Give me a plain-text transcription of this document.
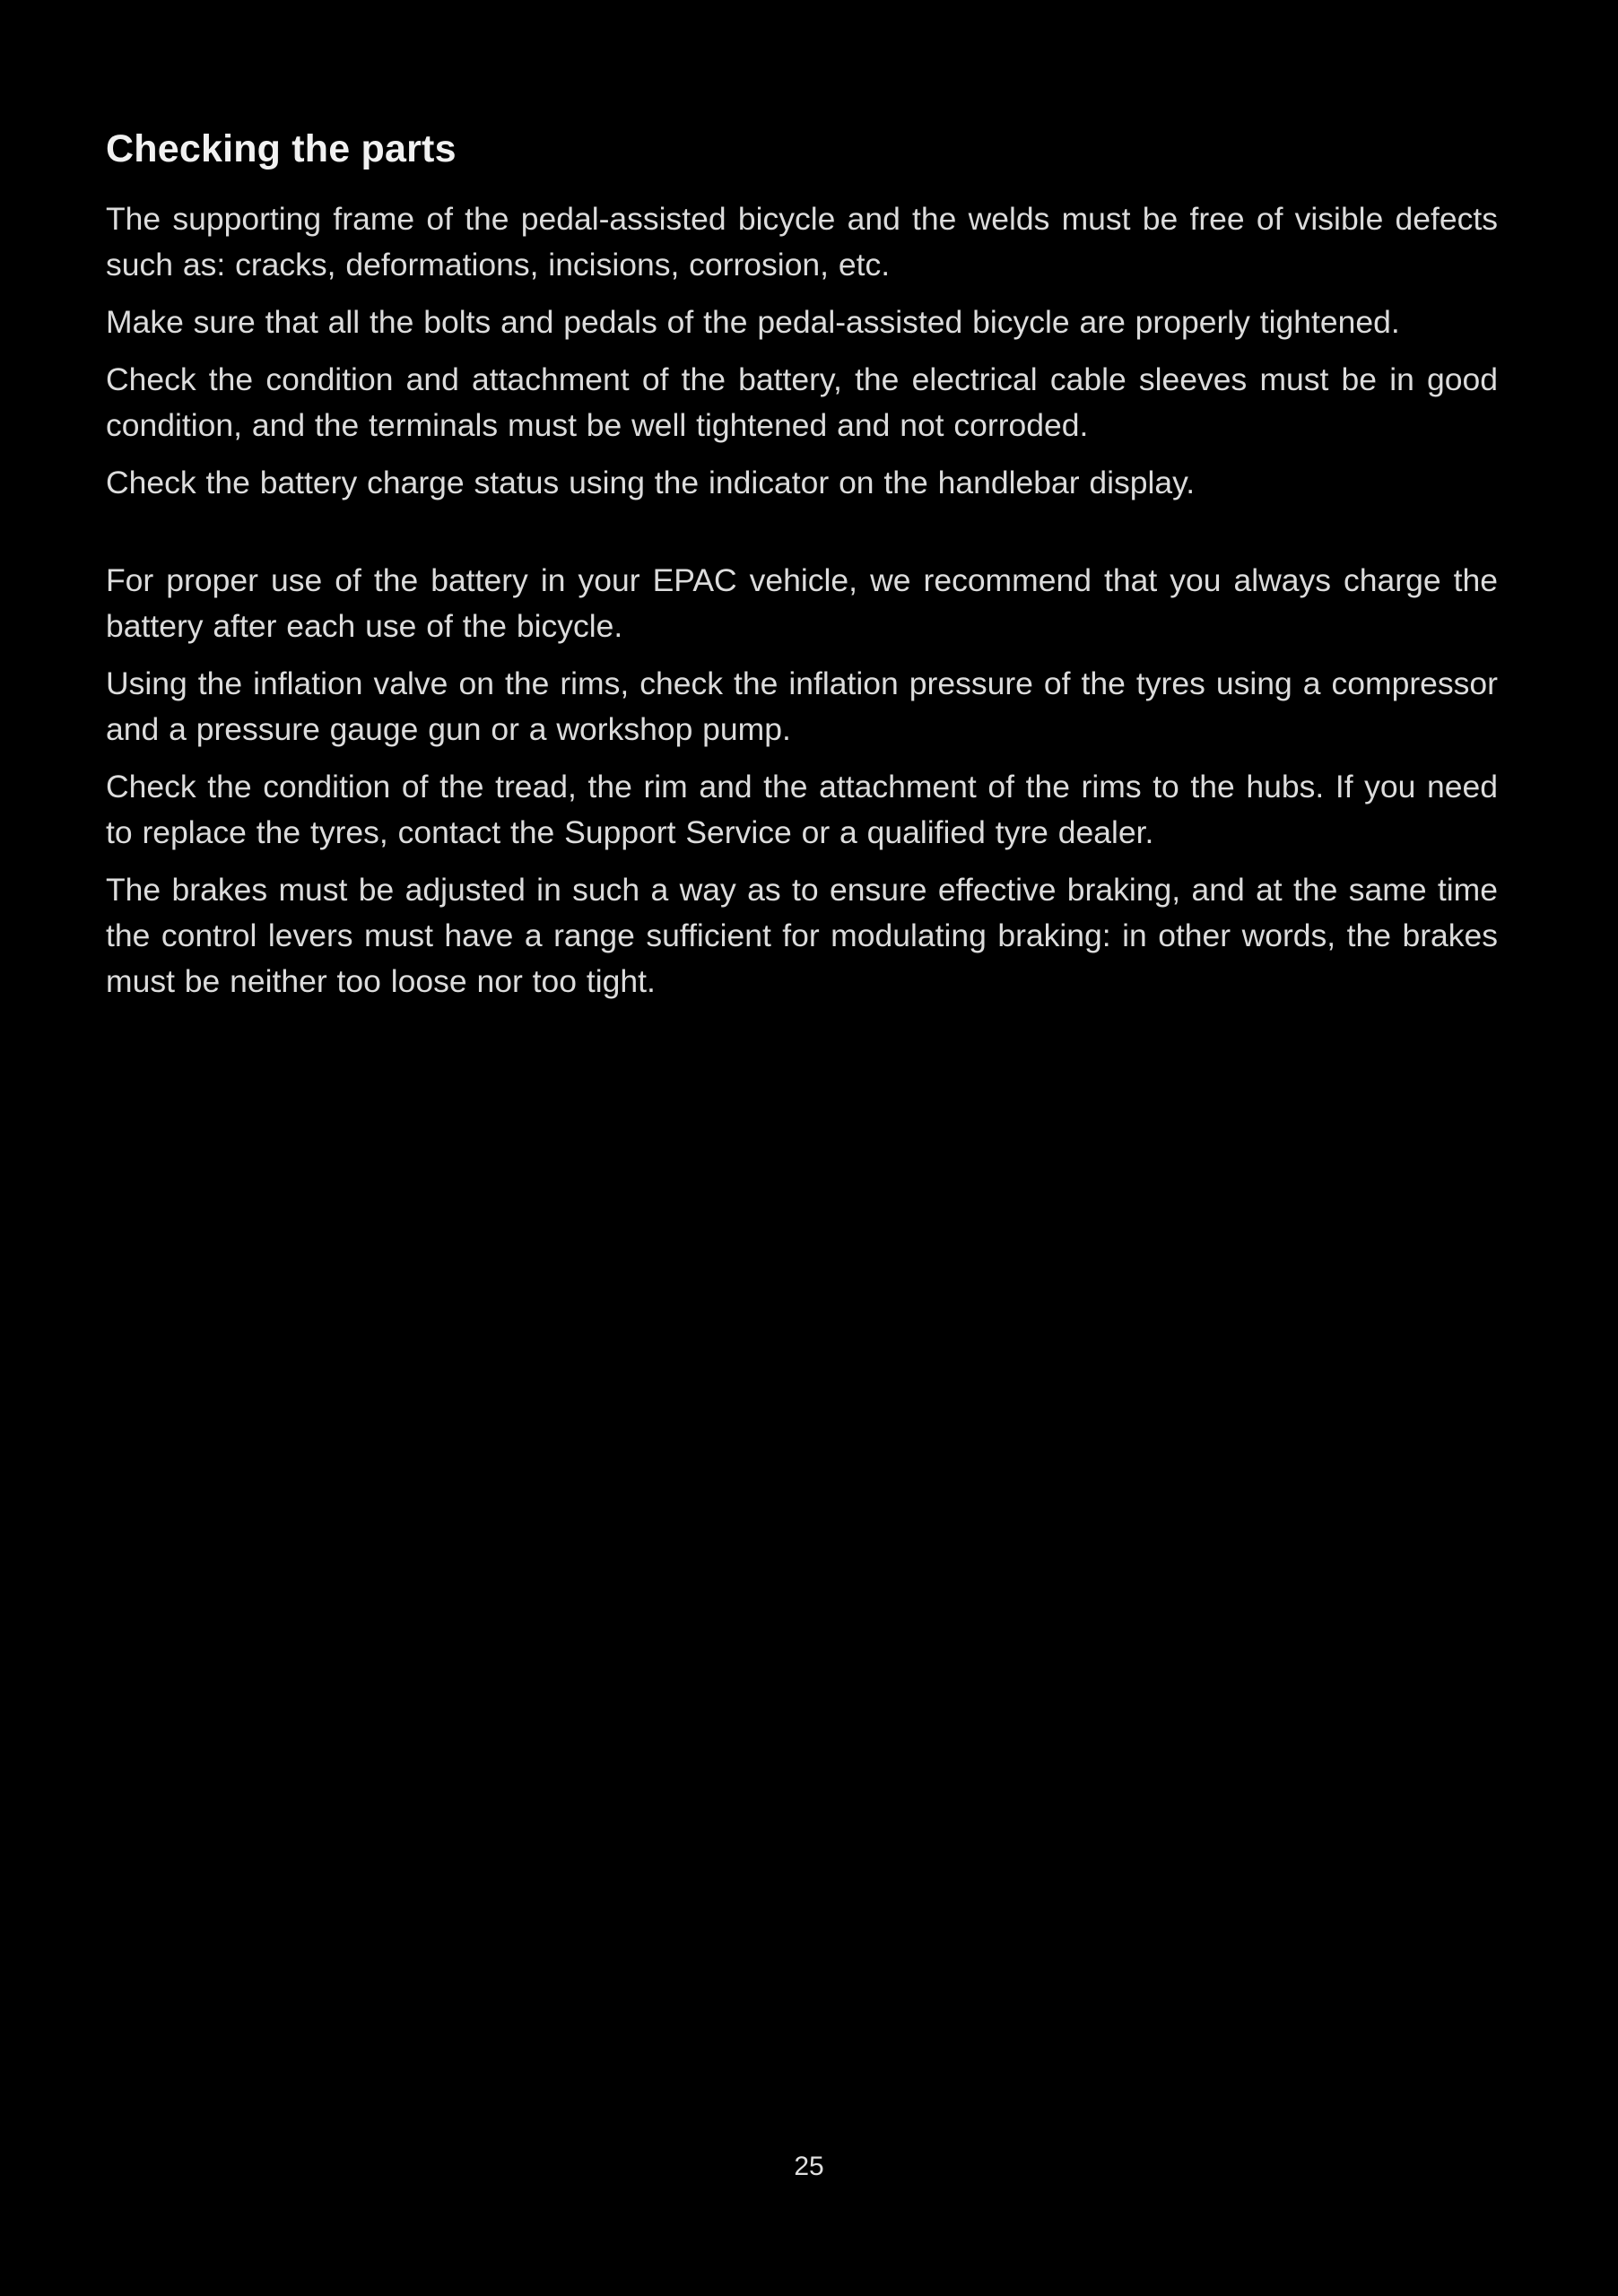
Checking the parts

The supporting frame of the pedal-assisted bicycle and the welds must be free of visible defects such as: cracks, deformations, incisions, corrosion, etc.

Make sure that all the bolts and pedals of the pedal-assisted bicycle are properly tightened.

Check the condition and attachment of the battery, the electrical cable sleeves must be in good condition, and the terminals must be well tightened and not corroded.

Check the battery charge status using the indicator on the handlebar display.

For proper use of the battery in your EPAC vehicle, we recommend that you always charge the battery after each use of the bicycle.

Using the inflation valve on the rims, check the inflation pressure of the tyres using a compressor and a pressure gauge gun or a workshop pump.

Check the condition of the tread, the rim and the attachment of the rims to the hubs. If you need to replace the tyres, contact the Support Service or a qualified tyre dealer.

The brakes must be adjusted in such a way as to ensure effective braking, and at the same time the control levers must have a range sufficient for modulating braking: in other words, the brakes must be neither too loose nor too tight.

25
